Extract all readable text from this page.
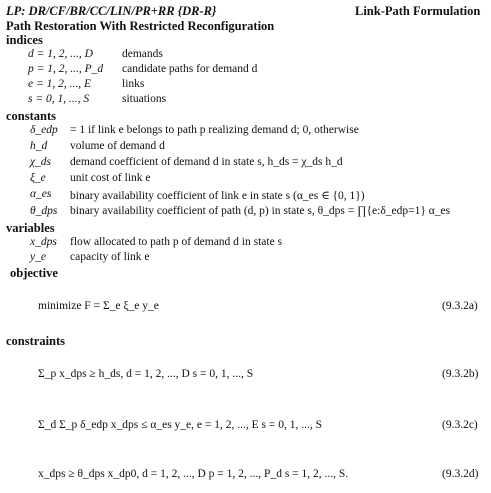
LP: DR/CF/BR/CC/LIN/PR+RR {DR-R}	Link-Path Formulation
Path Restoration With Restricted Reconfiguration
indices
d = 1, 2, ..., D	demands
p = 1, 2, ..., P_d candidate paths for demand d
e = 1, 2, ..., E	links
s = 0, 1, ..., S	situations
constants
δ_edp = 1 if link e belongs to path p realizing demand d; 0, otherwise
h_d volume of demand d
χ_ds demand coefficient of demand d in state s, h_ds = χ_ds h_d
ξ_e unit cost of link e
α_es binary availability coefficient of link e in state s (α_es ∈ {0, 1})
θ_dps binary availability coefficient of path (d, p) in state s, θ_dps = ∏{e:δ_edp=1} α_es
variables
x_dps flow allocated to path p of demand d in state s
y_e capacity of link e
objective
minimize F = Σ_e ξ_e y_e	(9.3.2a)
constraints
Σ_p x_dps ≥ h_ds, d = 1, 2, ..., D s = 0, 1, ..., S	(9.3.2b)
Σ_d Σ_p δ_edp x_dps ≤ α_es y_e, e = 1, 2, ..., E s = 0, 1, ..., S	(9.3.2c)
x_dps ≥ θ_dps x_dp0, d = 1, 2, ..., D p = 1, 2, ..., P_d s = 1, 2, ..., S.	(9.3.2d)
